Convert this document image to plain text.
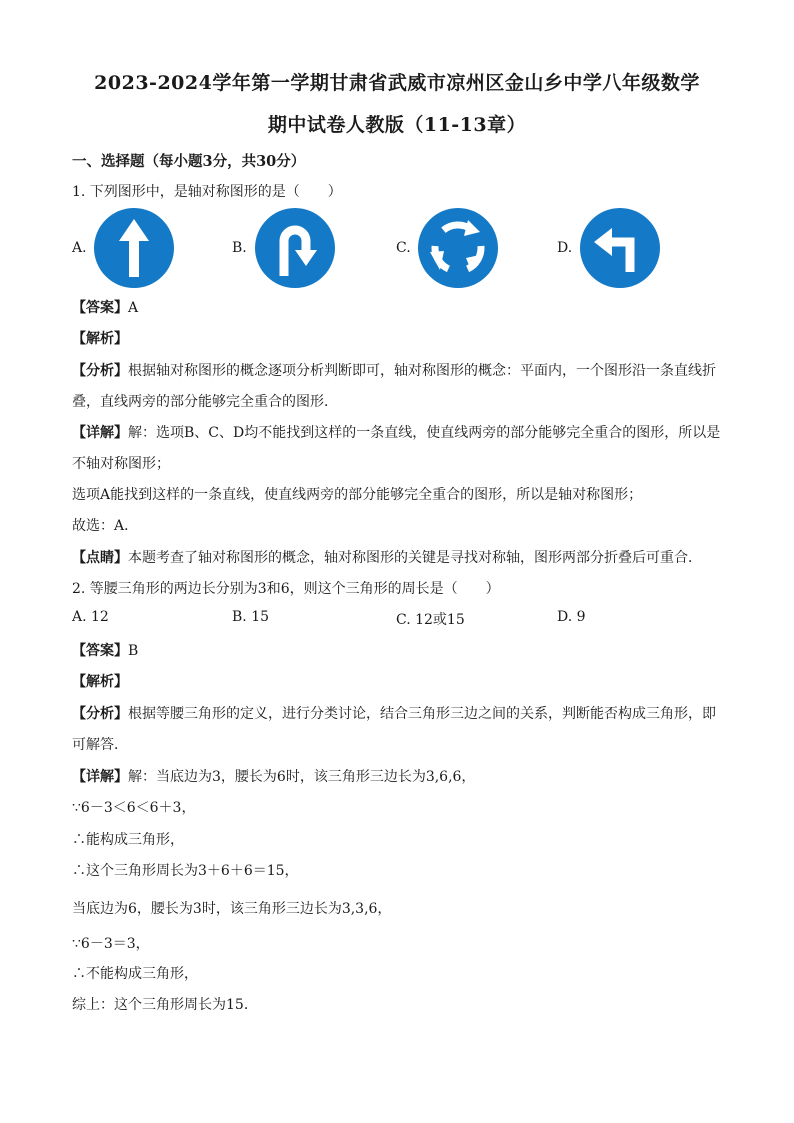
2023-2024学年第一学期甘肃省武威市凉州区金山乡中学八年级数学
期中试卷人教版（11-13章）
一、选择题（每小题3分，共30分）
1. 下列图形中，是轴对称图形的是（　　）
A.	B.	C.	D.
【答案】A
【解析】
【分析】根据轴对称图形的概念逐项分析判断即可，轴对称图形的概念：平面内，一个图形沿一条直线折
叠，直线两旁的部分能够完全重合的图形．
【详解】解：选项B、C、D均不能找到这样的一条直线，使直线两旁的部分能够完全重合的图形，所以是
不轴对称图形；
选项A能找到这样的一条直线，使直线两旁的部分能够完全重合的图形，所以是轴对称图形；
故选：A．
【点睛】本题考查了轴对称图形的概念，轴对称图形的关键是寻找对称轴，图形两部分折叠后可重合．
2. 等腰三角形的两边长分别为3和6，则这个三角形的周长是（　　）
A. 12	B. 15	C. 12或15	D. 9
【答案】B
【解析】
【分析】根据等腰三角形的定义，进行分类讨论，结合三角形三边之间的关系，判断能否构成三角形，即
可解答．
【详解】解：当底边为3，腰长为6时，该三角形三边长为3,6,6，
∵6－3＜6＜6＋3，
∴能构成三角形，
∴这个三角形周长为3＋6＋6＝15，
当底边为6，腰长为3时，该三角形三边长为3,3,6，
∵6－3＝3，
∴不能构成三角形，
综上：这个三角形周长为15．
